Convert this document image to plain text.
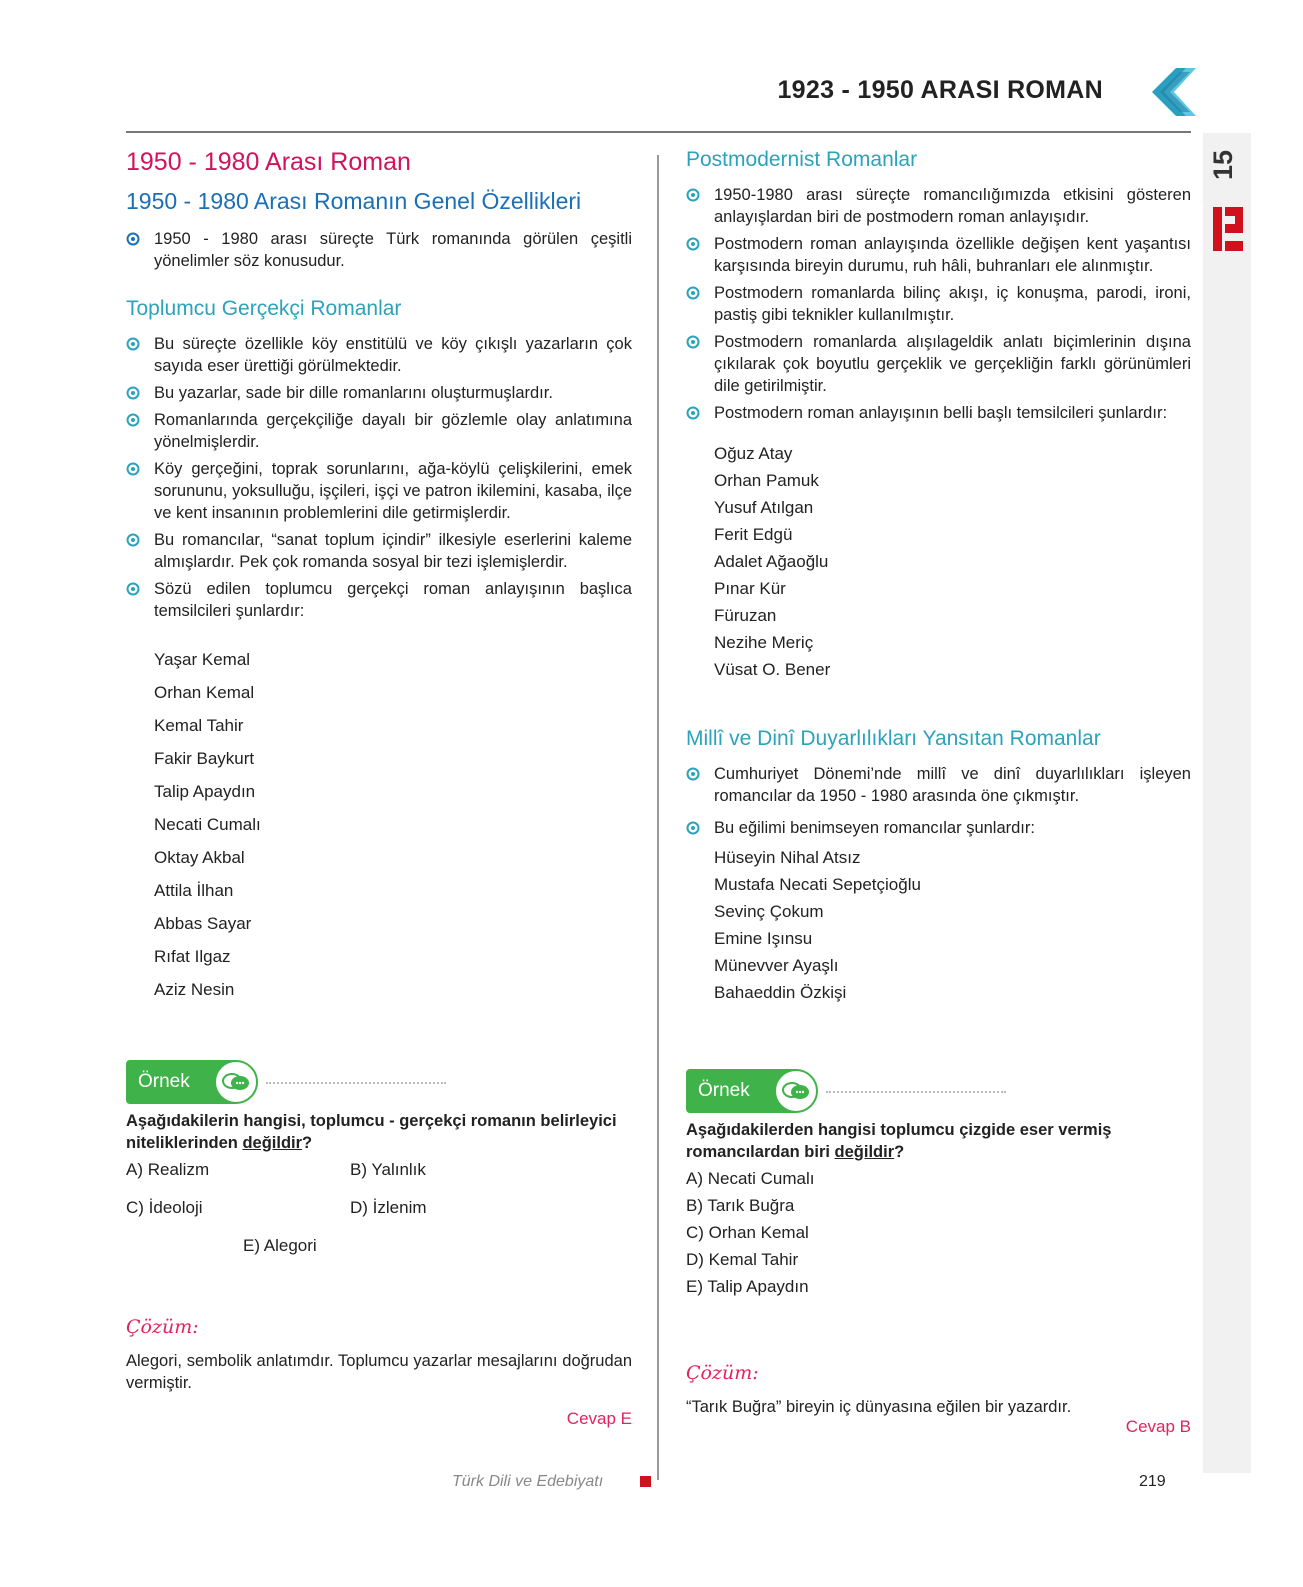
1923 - 1950 ARASI ROMAN
15
1950 - 1980 Arası Roman
1950 - 1980 Arası Romanın Genel Özellikleri
1950 - 1980 arası süreçte Türk romanında görülen çeşitli yönelimler söz konusudur.
Toplumcu Gerçekçi Romanlar
Bu süreçte özellikle köy enstitülü ve köy çıkışlı yazarların çok sayıda eser ürettiği görülmektedir.
Bu yazarlar, sade bir dille romanlarını oluşturmuşlardır.
Romanlarında gerçekçiliğe dayalı bir gözlemle olay anlatımına yönelmişlerdir.
Köy gerçeğini, toprak sorunlarını, ağa-köylü çelişkilerini, emek sorununu, yoksulluğu, işçileri, işçi ve patron ikilemini, kasaba, ilçe ve kent insanının problemlerini dile getirmişlerdir.
Bu romancılar, “sanat toplum içindir” ilkesiyle eserlerini kaleme almışlardır. Pek çok romanda sosyal bir tezi işlemişlerdir.
Sözü edilen toplumcu gerçekçi roman anlayışının başlıca temsilcileri şunlardır:
Yaşar Kemal
Orhan Kemal
Kemal Tahir
Fakir Baykurt
Talip Apaydın
Necati Cumalı
Oktay Akbal
Attila İlhan
Abbas Sayar
Rıfat Ilgaz
Aziz Nesin
Örnek
Aşağıdakilerin hangisi, toplumcu - gerçekçi romanın belirleyici niteliklerinden değildir?
A) Realizm	B) Yalınlık
C) İdeoloji	D) İzlenim
E) Alegori
Çözüm:
Alegori, sembolik anlatımdır. Toplumcu yazarlar mesajlarını doğrudan vermiştir.
Cevap E
Postmodernist Romanlar
1950-1980 arası süreçte romancılığımızda etkisini gösteren anlayışlardan biri de postmodern roman anlayışıdır.
Postmodern roman anlayışında özellikle değişen kent yaşantısı karşısında bireyin durumu, ruh hâli, buhranları ele alınmıştır.
Postmodern romanlarda bilinç akışı, iç konuşma, parodi, ironi, pastiş gibi teknikler kullanılmıştır.
Postmodern romanlarda alışılageldik anlatı biçimlerinin dışına çıkılarak çok boyutlu gerçeklik ve gerçekliğin farklı görünümleri dile getirilmiştir.
Postmodern roman anlayışının belli başlı temsilcileri şunlardır:
Oğuz Atay
Orhan Pamuk
Yusuf Atılgan
Ferit Edgü
Adalet Ağaoğlu
Pınar Kür
Füruzan
Nezihe Meriç
Vüsat O. Bener
Millî ve Dinî Duyarlılıkları Yansıtan Romanlar
Cumhuriyet Dönemi’nde millî ve dinî duyarlılıkları işleyen romancılar da 1950 - 1980 arasında öne çıkmıştır.
Bu eğilimi benimseyen romancılar şunlardır:
Hüseyin Nihal Atsız
Mustafa Necati Sepetçioğlu
Sevinç Çokum
Emine Işınsu
Münevver Ayaşlı
Bahaeddin Özkişi
Örnek
Aşağıdakilerden hangisi toplumcu çizgide eser vermiş romancılardan biri değildir?
A) Necati Cumalı
B) Tarık Buğra
C) Orhan Kemal
D) Kemal Tahir
E) Talip Apaydın
Çözüm:
“Tarık Buğra” bireyin iç dünyasına eğilen bir yazardır.
Cevap B
Türk Dili ve Edebiyatı	219
